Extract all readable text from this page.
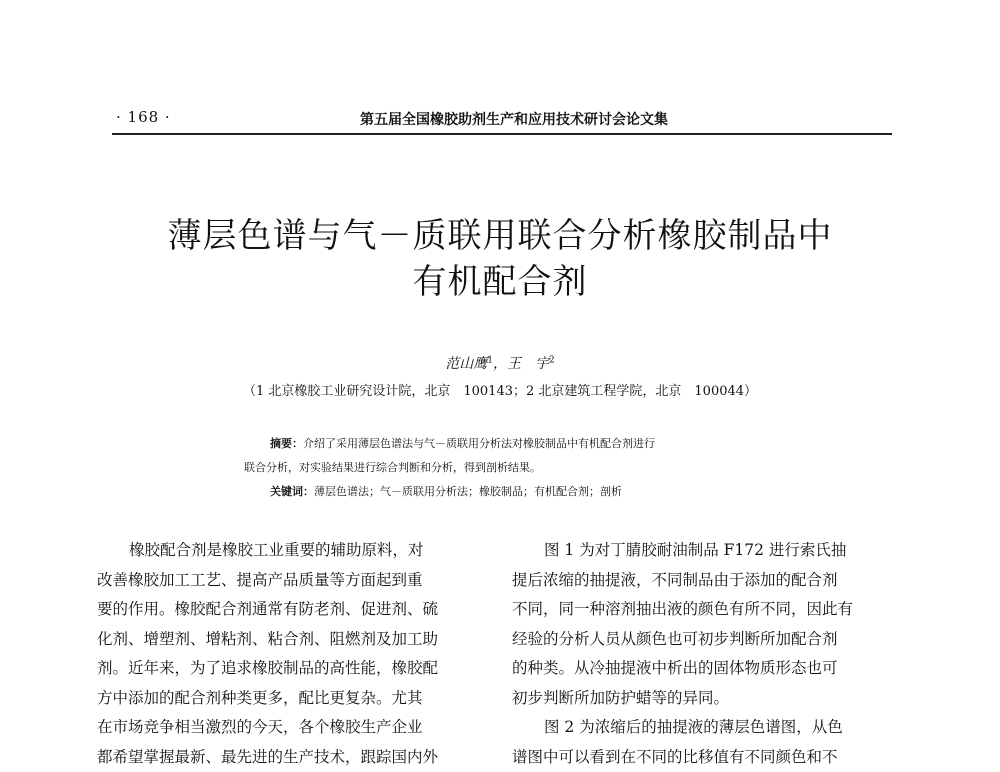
· 168 ·	第五届全国橡胶助剂生产和应用技术研讨会论文集
薄层色谱与气－质联用联合分析橡胶制品中
有机配合剂
范山鹰$^1$，王　宇$^2$
（1 北京橡胶工业研究设计院，北京　100143；2 北京建筑工程学院，北京　100044）
摘要：介绍了采用薄层色谱法与气－质联用分析法对橡胶制品中有机配合剂进行
联合分析，对实验结果进行综合判断和分析，得到剖析结果。
关键词：薄层色谱法；气－质联用分析法；橡胶制品；有机配合剂；剖析
橡胶配合剂是橡胶工业重要的辅助原料，对
改善橡胶加工工艺、提高产品质量等方面起到重
要的作用。橡胶配合剂通常有防老剂、促进剂、硫
化剂、增塑剂、增粘剂、粘合剂、阻燃剂及加工助
剂。近年来，为了追求橡胶制品的高性能，橡胶配
方中添加的配合剂种类更多，配比更复杂。尤其
在市场竞争相当激烈的今天，各个橡胶生产企业
都希望掌握最新、最先进的生产技术，跟踪国内外
图 1 为对丁腈胶耐油制品 F172 进行索氏抽
提后浓缩的抽提液，不同制品由于添加的配合剂
不同，同一种溶剂抽出液的颜色有所不同，因此有
经验的分析人员从颜色也可初步判断所加配合剂
的种类。从冷抽提液中析出的固体物质形态也可
初步判断所加防护蜡等的异同。
图 2 为浓缩后的抽提液的薄层色谱图，从色
谱图中可以看到在不同的比移值有不同颜色和不
